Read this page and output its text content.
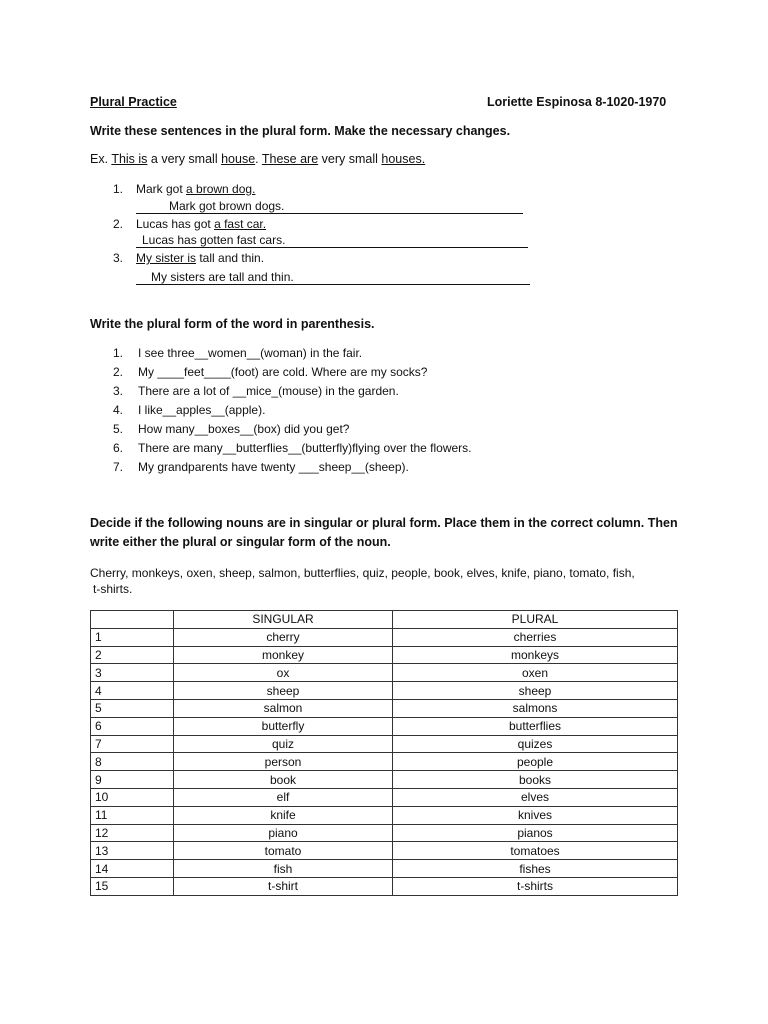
Plural Practice	Loriette Espinosa 8-1020-1970
Write these sentences in the plural form. Make the necessary changes.
Ex. This is a very small house. These are very small houses.
1. Mark got a brown dog.
Mark got brown dogs.
2. Lucas has got a fast car.
Lucas has gotten fast cars.
3. My sister is tall and thin.
My sisters are tall and thin.
Write the plural form of the word in parenthesis.
1.	I see three__women__(woman) in the fair.
2.	My ____feet____(foot) are cold. Where are my socks?
3.	There are a lot of __mice_(mouse) in the garden.
4.	I like__apples__(apple).
5.	How many__boxes__(box) did you get?
6.	There are many__butterflies__(butterfly)flying over the flowers.
7.	My grandparents have twenty ___sheep__(sheep).
Decide if the following nouns are in singular or plural form. Place them in the correct column. Then
write either the plural or singular form of the noun.
Cherry, monkeys, oxen, sheep, salmon, butterflies, quiz, people, book, elves, knife, piano, tomato, fish,
t-shirts.
	SINGULAR	PLURAL
1	cherry	cherries
2	monkey	monkeys
3	ox	oxen
4	sheep	sheep
5	salmon	salmons
6	butterfly	butterflies
7	quiz	quizes
8	person	people
9	book	books
10	elf	elves
11	knife	knives
12	piano	pianos
13	tomato	tomatoes
14	fish	fishes
15	t-shirt	t-shirts
